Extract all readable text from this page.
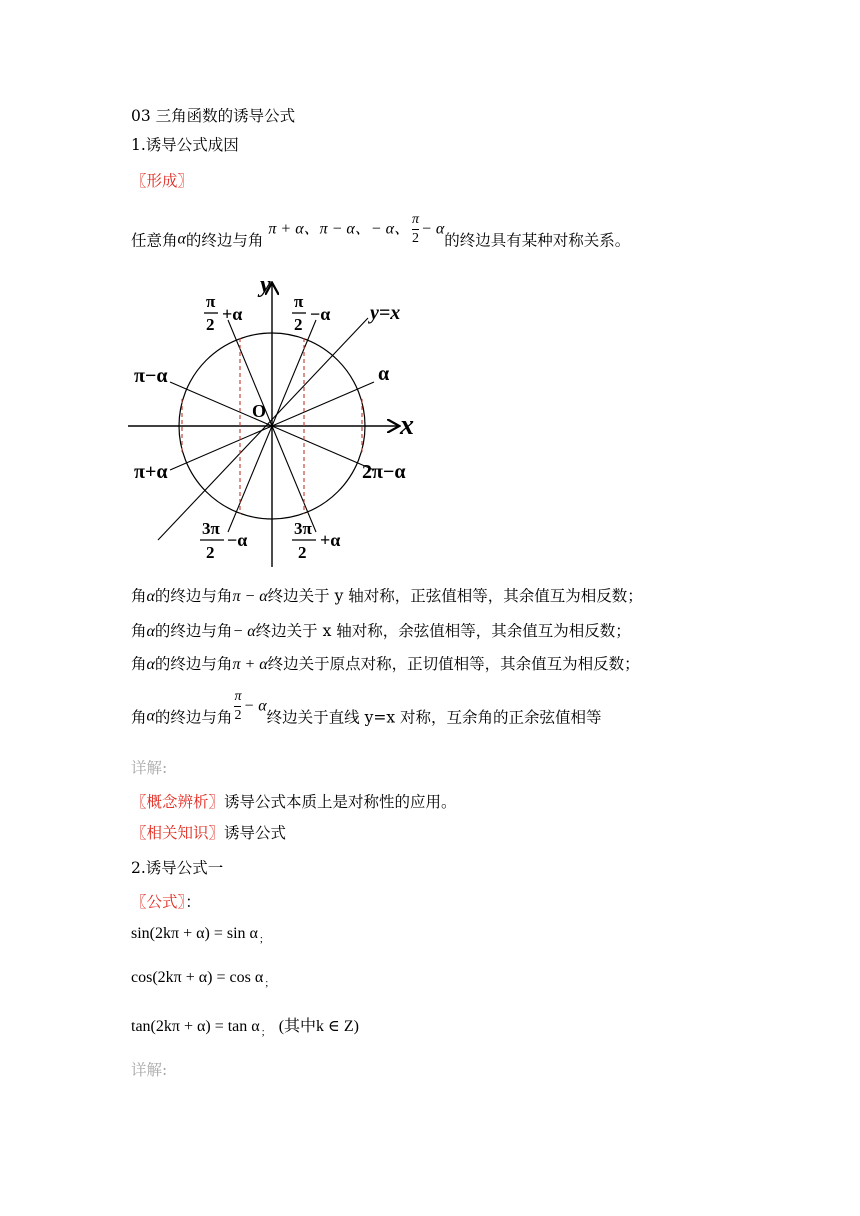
03 三角函数的诱导公式
1.诱导公式成因
〖形成〗
任意角α的终边与角 π + α、π − α、− α、 $\frac{\pi}{2} - \alpha$的终边具有某种对称关系。
y
x
O
y=x
α
π−α
π+α	2π−α
π
2
+α
π
2
−α
3π
2
−α
3π
2
+α
角α的终边与角π − α终边关于 y 轴对称，正弦值相等，其余值互为相反数；
角α的终边与角− α终边关于 x 轴对称，余弦值相等，其余值互为相反数；
角α的终边与角π + α终边关于原点对称，正切值相等，其余值互为相反数；
角α的终边与角 $\frac{\pi}{2} - \alpha$终边关于直线 y=x 对称，互余角的正余弦值相等
详解:
〖概念辨析〗诱导公式本质上是对称性的应用。
〖相关知识〗诱导公式
2.诱导公式一
〖公式〗：
sin(2kπ + α) = sin α $_;$
cos(2kπ + α) = cos α $_;$
tan(2kπ + α) = tan α $_;$ (其中k ∈ Z)
详解:
